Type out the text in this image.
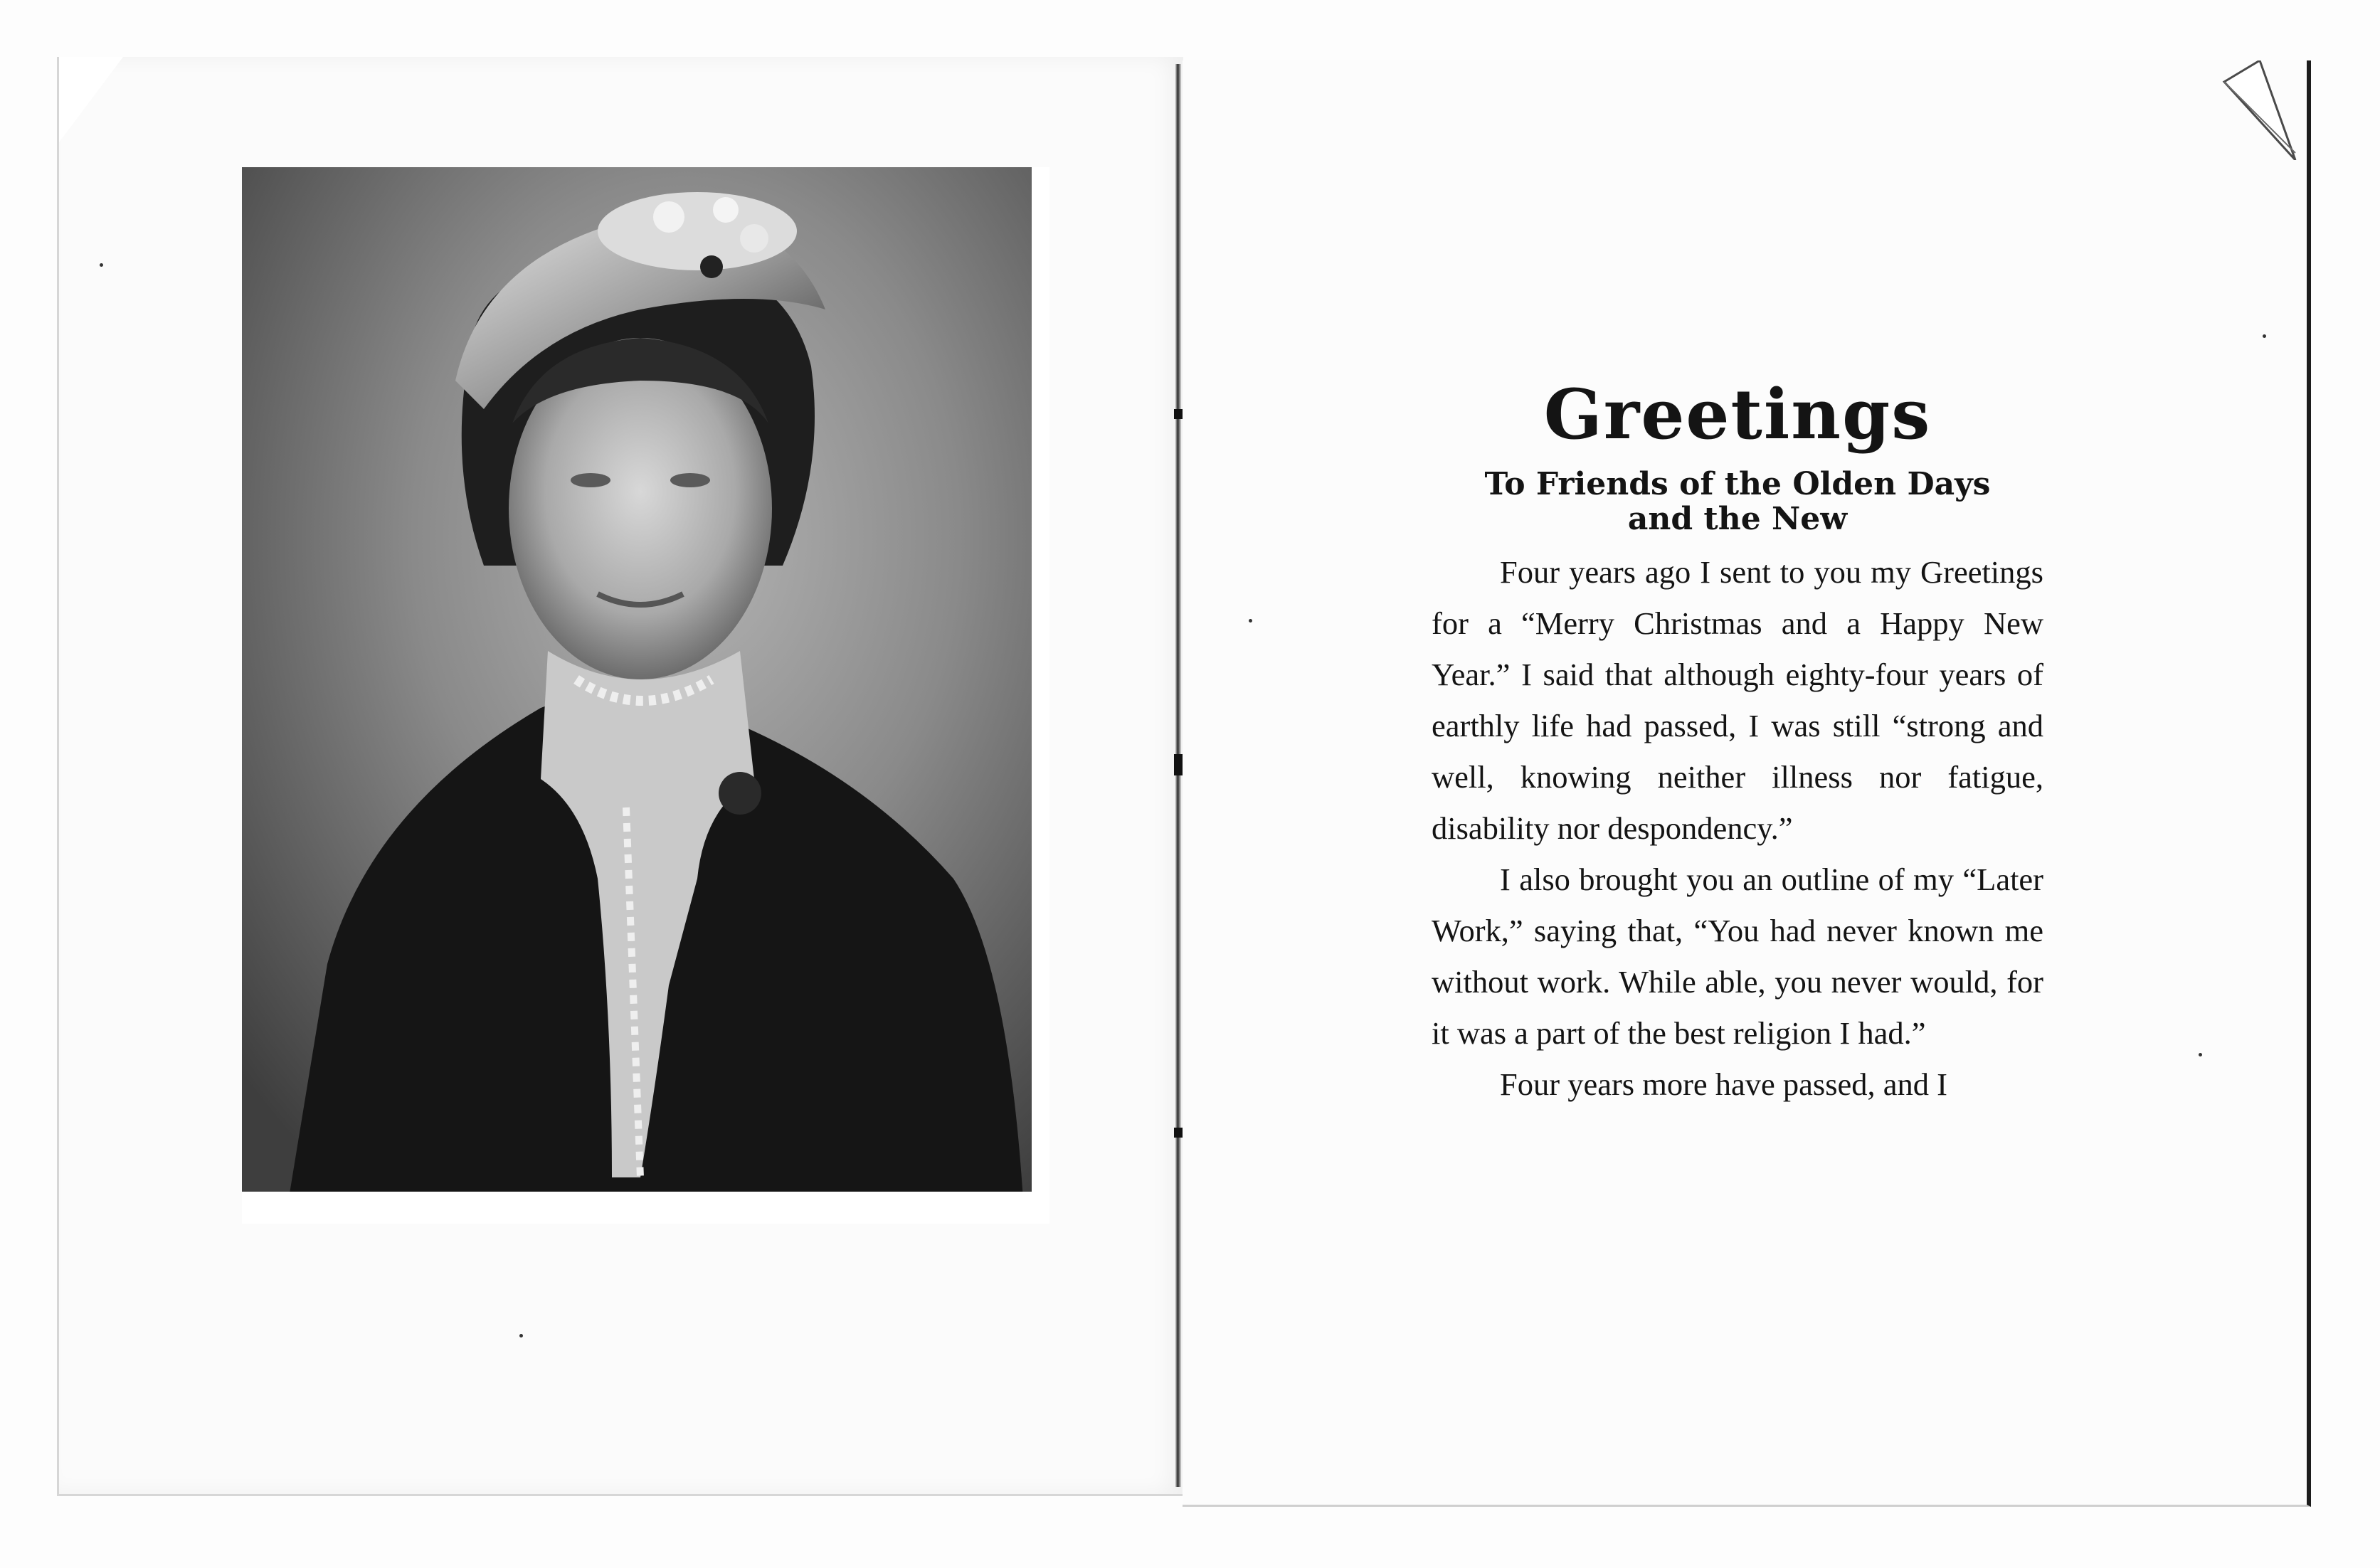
Greetings
To Friends of the Olden Days
and the New

Four years ago I sent to you my Greetings for a “Merry Christmas and a Happy New Year.” I said that although eighty-four years of earthly life had passed, I was still “strong and well, knowing neither illness nor fatigue, disability nor despondency.”

I also brought you an outline of my “Later Work,” saying that, “You had never known me without work. While able, you never would, for it was a part of the best religion I had.”

Four years more have passed, and I
